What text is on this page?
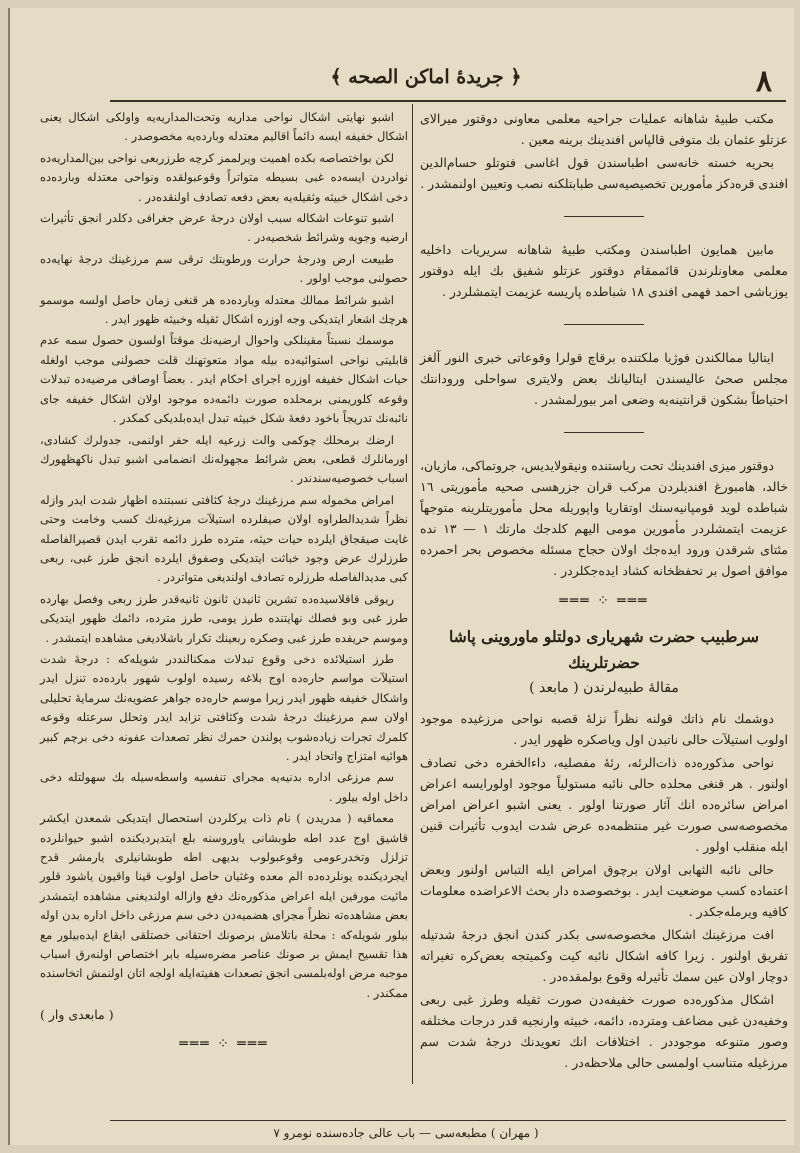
٨
﴿ جريدهٔ اماكن الصحه ﴾

مكتب طبيهٔ شاهانه عمليات جراحيه معلمی معاونی دوقتور ميرالای عزتلو عثمان بك متوفی قالپاس افندينك برينه معين .

بحريه خسته خانه‌سی اطباسندن قول اغاسی فتوتلو حسام‌الدين افندی قره‌دكز مأمورين تخصيصيه‌سی طبابتلكنه نصب وتعيين اولنمشدر .

مابين همايون اطباسندن ومكتب طبيهٔ شاهانه سريريات داخليه معلمی معاونلرندن قائممقام دوقتور عزتلو شفيق بك ايله دوقتور يوزباشی احمد فهمی افندی ١٨ شباطده پاريسه عزيمت ايتمشلردر .

ايتاليا ممالكندن فوژيا ملكتنده برقاچ قولرا وقوعاتی خبری النور آلغز مجلس صحیٔ عاليسندن ايتاليانك بعض ولايتری سواحلی ورودانتك احتياطاً بشكون قرانتينه‌يه وضعی امر بيورلمشدر .

دوقتور ميزی افندينك تحت رياستنده ونيقولايديس، جروتماكی، مازيان، خالد، هامبورغ افنديلردن مركب قران جزرهسی صحيه مأموريتی ١٦ شباطده لويد قومپانيه‌سنك اوتقاريا واپوريله محل مأموريتلرينه متوجهاً عزيمت ايتمشلردر مأمورين مومی اليهم كلدجك مارتك ١ — ١٣ نده مئتای شرقدن ورود ايده‌جك اولان حجاج مسئله مخصوص بحر احمرده موافق اصول بر تحفظخانه كشاد ايده‌جكلردر .

═══ ⁘ ═══
سرطبيب حضرت شهرياری دولتلو ماوروينی پاشا حضرتلرينك
مقالهٔ طبيه‌لرندن ( مابعد )

دوشمك نام ذاتك قولنه نظراً نزلهٔ قصبه نواحی مرزغيده موجود اولوب استيلآت حالی ناتبدن اول وياصكره ظهور ايدر .

نواحی مذكوره‌ده ذات‌الرئه، رئهٔ مفصليه، داء‌الخفره دخی تصادف اولنور . هر قنغی محلده حالی نائبه مستولياً موجود اولورايسه اعراض امراض سائره‌ده انك آثار صورتنا اولور . يعنی اشبو اعراض امراض مخصوصه‌سی صورت غير منتظمه‌ده عرض شدت ايدوب تأثيرات قنين ايله منقلب اولور .

حالی نائبه الثهابی اولان برچوق امراض ايله التباس اولنور وبعض اعتماده كسب موضعيت ايدر . بوخصوصده دار بحث الاعراضده معلومات كافيه ويرمله‌جكدر .

افت مرزغينك اشكال مخصوصه‌سی بكدر كندن انجق درجهٔ شدتيله تفريق اولنور . زيرا كافه اشكال نائبه كيت وكميتجه بعض‌كره تغيراته دوچار اولان عين سمك تأثيرله وقوع بولمقده‌در .

اشكال مذكوره‌ده صورت خفيفه‌دن صورت ثقيله وطرز غبی ربعی وخفيه‌دن غبی مضاعف ومترده، دائمه، خبيثه وارنجيه قدر درجات مختلفه وصور متنوعه موجوددر . اختلافات انك تعويدنك درجهٔ شدت سم مرزغيله متناسب اولمسی حالی ملاحظه‌در .

اشبو نهايتی اشكال نواحی مداريه وتحت‌المداريه‌يه واولكی اشكال يعنی اشكال خفيفه ايسه دائماً اقاليم معتدله وبارده‌يه مخصوصدر .

لكن بواختصاصه بكده اهميت ويرلممز كرچه طرزربعی نواحی بين‌المداريه‌ده نوادردن ايسه‌ده غبی بسيطه متواتراً وقوعبولقده ونواحی معتدله وبارده‌ده دخی اشكال خبيثه وثقيله‌يه بعض دفعه تصادف اولنقده‌در .

اشبو تنوعات اشكاله سبب اولان درجهٔ عرض جغرافی دكلدر انجق تأثيرات ارضيه وجويه وشرائط شخصيه‌در .

طبيعت ارض ودرجهٔ حرارت ورطوبتك ترقی سم مرزغينك درجهٔ نهايه‌ده حصولنی موجب اولور .

اشبو شرائط ممالك معتدله وبارده‌ده هر قنغی زمان حاصل اولسه موسمو هرچك اشعار ايتديكی وجه اوزره اشكال ثقيله وخبيثه ظهور ايدر .

موسمك نسبتاً مقينلكی واحوال ارضيه‌نك موقتاً اولسون حصول سمه عدم قابليتی نواحی استوائيه‌ده بيله مواد متعوتهنك قلت حصولنی موجب اولغله حيات اشكال خفيفه اوزره اجرای احكام ايدر . بعضاً اوصافی مرضيه‌ده تبدلات وقوعه كلوريمنی برمحلده صورت دائمه‌ده موجود اولان اشكال خفيفه جاى نائبه‌نك تدريجاً باخود دفعهٔ شكل خبيثه تبدل ايده‌بلديكی كمكدر .

ارضك برمحلك چوكمی والت زرعيه ايله حفر اولنمی، جدولرك كشادی، اورمانلرك قطعی، بعض شرائط مجهوله‌نك انضمامی اشبو تبدل ناكهظهورك اسباب خصوصيه‌سندندر .

امراض مخموله سم مرزغينك درجهٔ كثافتی نسبتنده اظهار شدت ايدر وازله نظراً شديدالطراوه اولان صيفلرده استيلآت مرزغيه‌نك كسب وخامت وحتی غايت صيقجاق ايلرده حيات حيثه، مترده طرز دائمه تقرب ايدن قصيرالفاصله طرزلرك عرض وجود خباثت ايتديكی وصفوق ايلرده انجق طرز غبی، ربعی كبی مديدالفاصله طرزلره تصادف اولنديغی متواتردر .

ريوقی قاقلاسيده‌ده تشرين ثانيدن ثانون ثانيه‌قدر طرز ربعی وفصل بهارده طرز غبی وبو فصلك نهايتنده طرز يومی، طرز مترده، دائمك ظهور ايتديكی وموسم حريفده طرز غبی وصكره ربعينك تكرار باشلاديغی مشاهده ايتمشدر .

طرز استيلائده دخی وقوع تبدلات ممكنالنددر شويله‌كه : درجهٔ شدت استيلآت مواسم حاره‌ده اوج بلاغه رسيده اولوب شهور بارده‌ده تنزل ايدر واشكال خفيفه ظهور ايدر زيرا موسم حاره‌ده جواهر عضويه‌نك سرمايهٔ تحليلی اولان سم مرزغينك درجهٔ شدت وكثافتی تزايد ايدر وتحلل سرعتله وقوعه كلمرك تجرات زياده‌شوب پولندن حمرك نظر تصعدات عفونه دخی برچم كبير هوائيه امتزاج واتحاد ايدر .

سم مرزغی اداره بدنيه‌يه مجرای تنفسيه واسطه‌سيله بك سهولتله دخی داخل اوله بيلور .

معماقيه ( مدريدن ) نام ذات يركلردن استحصال ايتديكی شمعدن ايكشر قاشيق اوج عدد اطه طوبشانی ياوروسنه بلع ايتديرديكنده اشبو حيوانلرده تزلزل وتخدرعومی وقوعبولوب بديهی اطه طوبشانيلری يارمشر قدح ايجرديكنده يونلرده‌ده الم معده وغثيان حاصل اولوب قينا واقيون ياشود قلور مائيت مورفين ايله اعراض مذكوره‌نك دفع وازاله اولنديغنی مشاهده ايتمشدر بعض مشاهده‌ته نظراً مجرای هضميه‌دن دخی سم مرزغی داخل اداره بدن اوله بيلور شويله‌كه : محلة باتلامش برصونك احتقانی خصتلقی ايقاع ايده‌بيلور مع هذا تقسيح ايمش بر صونك عناصر مضره‌سيله بابر اختصاص اولنه‌رق اسباب موجبه مرض اوله‌بلمسی انجق تصعدات هفيته‌ايله اولجه اتان اولنمش اتخاسنده ممكندر .

( مابعدی وار )

═══ ⁘ ═══
( مهران ) مطبعه‌سی — باب عالی جاده‌سنده نومرو ٧
